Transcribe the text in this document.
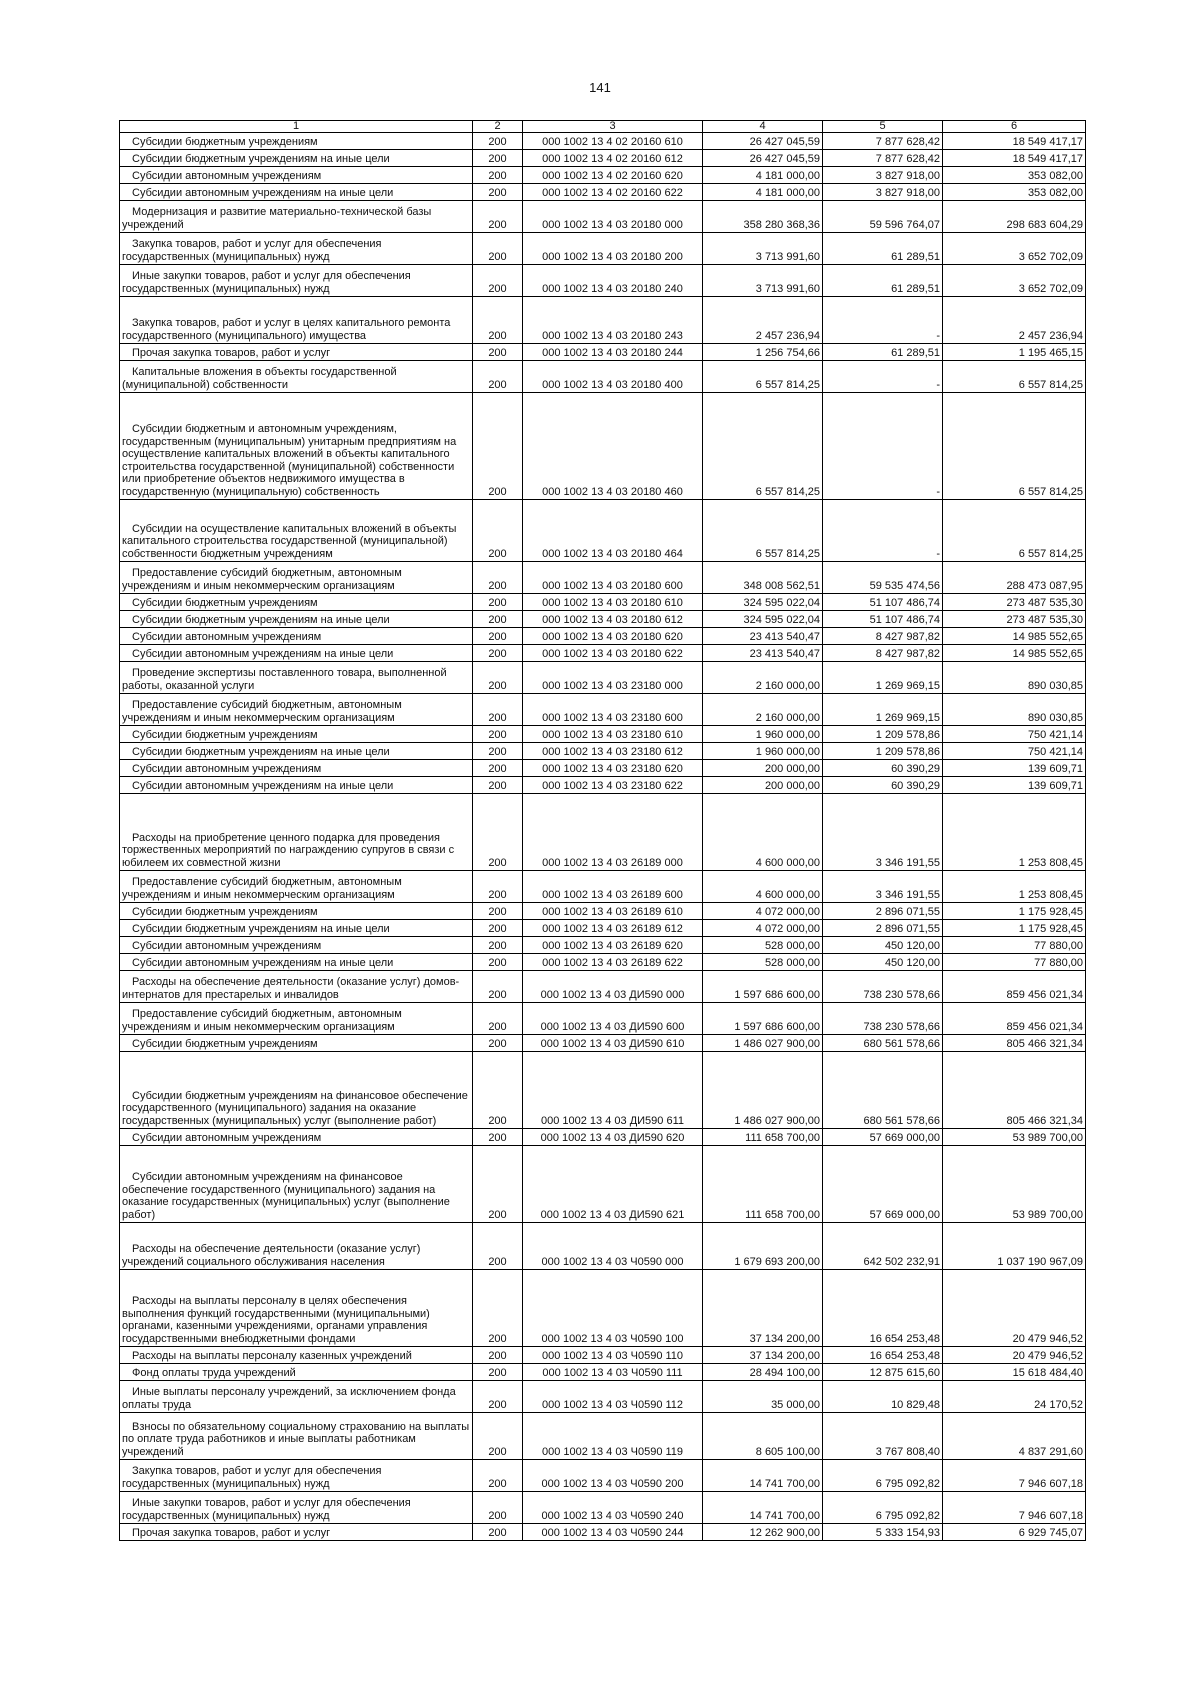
141
1	2	3	4	5	6
Субсидии бюджетным учреждениям	200	000 1002 13 4 02 20160 610	26 427 045,59	7 877 628,42	18 549 417,17
Субсидии бюджетным учреждениям на иные цели	200	000 1002 13 4 02 20160 612	26 427 045,59	7 877 628,42	18 549 417,17
Субсидии автономным учреждениям	200	000 1002 13 4 02 20160 620	4 181 000,00	3 827 918,00	353 082,00
Субсидии автономным учреждениям на иные цели	200	000 1002 13 4 02 20160 622	4 181 000,00	3 827 918,00	353 082,00
Модернизация и развитие материально-технической базы учреждений	200	000 1002 13 4 03 20180 000	358 280 368,36	59 596 764,07	298 683 604,29
Закупка товаров, работ и услуг для обеспечения государственных (муниципальных) нужд	200	000 1002 13 4 03 20180 200	3 713 991,60	61 289,51	3 652 702,09
Иные закупки товаров, работ и услуг для обеспечения государственных (муниципальных) нужд	200	000 1002 13 4 03 20180 240	3 713 991,60	61 289,51	3 652 702,09
Закупка товаров, работ и услуг в целях капитального ремонта государственного (муниципального) имущества	200	000 1002 13 4 03 20180 243	2 457 236,94	-	2 457 236,94
Прочая закупка товаров, работ и услуг	200	000 1002 13 4 03 20180 244	1 256 754,66	61 289,51	1 195 465,15
Капитальные вложения в объекты государственной (муниципальной) собственности	200	000 1002 13 4 03 20180 400	6 557 814,25	-	6 557 814,25
Субсидии бюджетным и автономным учреждениям, государственным (муниципальным) унитарным предприятиям на осуществление капитальных вложений в объекты капитального строительства государственной (муниципальной) собственности или приобретение объектов недвижимого имущества в государственную (муниципальную) собственность	200	000 1002 13 4 03 20180 460	6 557 814,25	-	6 557 814,25
Субсидии на осуществление капитальных вложений в объекты капитального строительства государственной (муниципальной) собственности бюджетным учреждениям	200	000 1002 13 4 03 20180 464	6 557 814,25	-	6 557 814,25
Предоставление субсидий бюджетным, автономным учреждениям и иным некоммерческим организациям	200	000 1002 13 4 03 20180 600	348 008 562,51	59 535 474,56	288 473 087,95
Субсидии бюджетным учреждениям	200	000 1002 13 4 03 20180 610	324 595 022,04	51 107 486,74	273 487 535,30
Субсидии бюджетным учреждениям на иные цели	200	000 1002 13 4 03 20180 612	324 595 022,04	51 107 486,74	273 487 535,30
Субсидии автономным учреждениям	200	000 1002 13 4 03 20180 620	23 413 540,47	8 427 987,82	14 985 552,65
Субсидии автономным учреждениям на иные цели	200	000 1002 13 4 03 20180 622	23 413 540,47	8 427 987,82	14 985 552,65
Проведение экспертизы поставленного товара, выполненной работы, оказанной услуги	200	000 1002 13 4 03 23180 000	2 160 000,00	1 269 969,15	890 030,85
Предоставление субсидий бюджетным, автономным учреждениям и иным некоммерческим организациям	200	000 1002 13 4 03 23180 600	2 160 000,00	1 269 969,15	890 030,85
Субсидии бюджетным учреждениям	200	000 1002 13 4 03 23180 610	1 960 000,00	1 209 578,86	750 421,14
Субсидии бюджетным учреждениям на иные цели	200	000 1002 13 4 03 23180 612	1 960 000,00	1 209 578,86	750 421,14
Субсидии автономным учреждениям	200	000 1002 13 4 03 23180 620	200 000,00	60 390,29	139 609,71
Субсидии автономным учреждениям на иные цели	200	000 1002 13 4 03 23180 622	200 000,00	60 390,29	139 609,71
Расходы на приобретение ценного подарка для проведения торжественных мероприятий по награждению супругов в связи с юбилеем их совместной жизни	200	000 1002 13 4 03 26189 000	4 600 000,00	3 346 191,55	1 253 808,45
Предоставление субсидий бюджетным, автономным учреждениям и иным некоммерческим организациям	200	000 1002 13 4 03 26189 600	4 600 000,00	3 346 191,55	1 253 808,45
Субсидии бюджетным учреждениям	200	000 1002 13 4 03 26189 610	4 072 000,00	2 896 071,55	1 175 928,45
Субсидии бюджетным учреждениям на иные цели	200	000 1002 13 4 03 26189 612	4 072 000,00	2 896 071,55	1 175 928,45
Субсидии автономным учреждениям	200	000 1002 13 4 03 26189 620	528 000,00	450 120,00	77 880,00
Субсидии автономным учреждениям на иные цели	200	000 1002 13 4 03 26189 622	528 000,00	450 120,00	77 880,00
Расходы на обеспечение деятельности (оказание услуг) домов-интернатов для престарелых и инвалидов	200	000 1002 13 4 03 ДИ590 000	1 597 686 600,00	738 230 578,66	859 456 021,34
Предоставление субсидий бюджетным, автономным учреждениям и иным некоммерческим организациям	200	000 1002 13 4 03 ДИ590 600	1 597 686 600,00	738 230 578,66	859 456 021,34
Субсидии бюджетным учреждениям	200	000 1002 13 4 03 ДИ590 610	1 486 027 900,00	680 561 578,66	805 466 321,34
Субсидии бюджетным учреждениям на финансовое обеспечение государственного (муниципального) задания на оказание государственных (муниципальных) услуг (выполнение работ)	200	000 1002 13 4 03 ДИ590 611	1 486 027 900,00	680 561 578,66	805 466 321,34
Субсидии автономным учреждениям	200	000 1002 13 4 03 ДИ590 620	111 658 700,00	57 669 000,00	53 989 700,00
Субсидии автономным учреждениям на финансовое обеспечение государственного (муниципального) задания на оказание государственных (муниципальных) услуг (выполнение работ)	200	000 1002 13 4 03 ДИ590 621	111 658 700,00	57 669 000,00	53 989 700,00
Расходы на обеспечение деятельности (оказание услуг) учреждений социального обслуживания населения	200	000 1002 13 4 03 Ч0590 000	1 679 693 200,00	642 502 232,91	1 037 190 967,09
Расходы на выплаты персоналу в целях обеспечения выполнения функций государственными (муниципальными) органами, казенными учреждениями, органами управления государственными внебюджетными фондами	200	000 1002 13 4 03 Ч0590 100	37 134 200,00	16 654 253,48	20 479 946,52
Расходы на выплаты персоналу казенных учреждений	200	000 1002 13 4 03 Ч0590 110	37 134 200,00	16 654 253,48	20 479 946,52
Фонд оплаты труда учреждений	200	000 1002 13 4 03 Ч0590 111	28 494 100,00	12 875 615,60	15 618 484,40
Иные выплаты персоналу учреждений, за исключением фонда оплаты труда	200	000 1002 13 4 03 Ч0590 112	35 000,00	10 829,48	24 170,52
Взносы по обязательному социальному страхованию на выплаты по оплате труда работников и иные выплаты работникам учреждений	200	000 1002 13 4 03 Ч0590 119	8 605 100,00	3 767 808,40	4 837 291,60
Закупка товаров, работ и услуг для обеспечения государственных (муниципальных) нужд	200	000 1002 13 4 03 Ч0590 200	14 741 700,00	6 795 092,82	7 946 607,18
Иные закупки товаров, работ и услуг для обеспечения государственных (муниципальных) нужд	200	000 1002 13 4 03 Ч0590 240	14 741 700,00	6 795 092,82	7 946 607,18
Прочая закупка товаров, работ и услуг	200	000 1002 13 4 03 Ч0590 244	12 262 900,00	5 333 154,93	6 929 745,07
